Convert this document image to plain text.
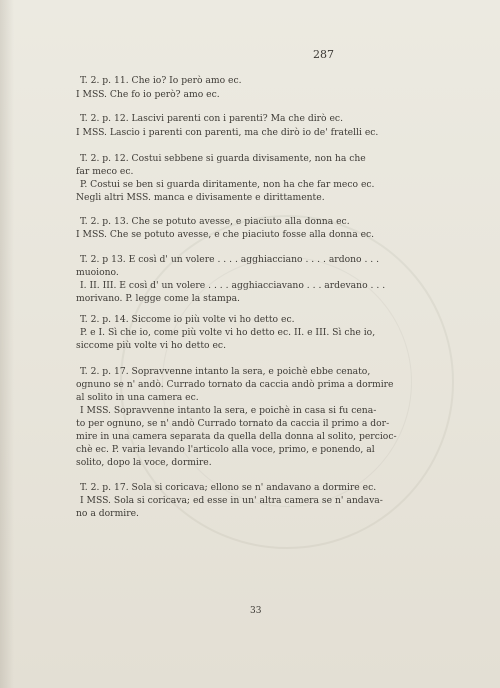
287
T. 2. p. 11. Che io? Io però amo ec.
I MSS. Che fo io però? amo ec.
T. 2. p. 12. Lascivi parenti con i parenti? Ma che dirò ec.
I MSS. Lascio i parenti con parenti, ma che dirò io de' fratelli ec.
T. 2. p. 12. Costui sebbene si guarda divisamente, non ha che
far meco ec.
P. Costui se ben si guarda diritamente, non ha che far meco ec.
Negli altri MSS. manca e divisamente e dirittamente.
T. 2. p. 13. Che se potuto avesse, e piaciuto alla donna ec.
I MSS. Che se potuto avesse, e che piaciuto fosse alla donna ec.
T. 2. p 13. E così d' un volere . . . . agghiacciano . . . . ardono . . .
muoiono.
I. II. III. E così d' un volere . . . . agghiacciavano . . . ardevano . . .
morivano. P. legge come la stampa.
T. 2. p. 14. Siccome io più volte vi ho detto ec.
P. e I. Sì che io, come più volte vi ho detto ec. II. e III. Sì che io,
siccome più volte vi ho detto ec.
T. 2. p. 17. Sopravvenne intanto la sera, e poichè ebbe cenato,
ognuno se n' andò. Currado tornato da caccia andò prima a dormire
al solito in una camera ec.
I MSS. Sopravvenne intanto la sera, e poichè in casa si fu cena-
to per ognuno, se n' andò Currado tornato da caccia il primo a dor-
mire in una camera separata da quella della donna al solito, percioc-
chè ec. P. varia levando l'articolo alla voce, primo, e ponendo, al
solito, dopo la voce, dormire.
T. 2. p. 17. Sola si coricava; ellono se n' andavano a dormire ec.
I MSS. Sola si coricava; ed esse in un' altra camera se n' andava-
no a dormire.
33
